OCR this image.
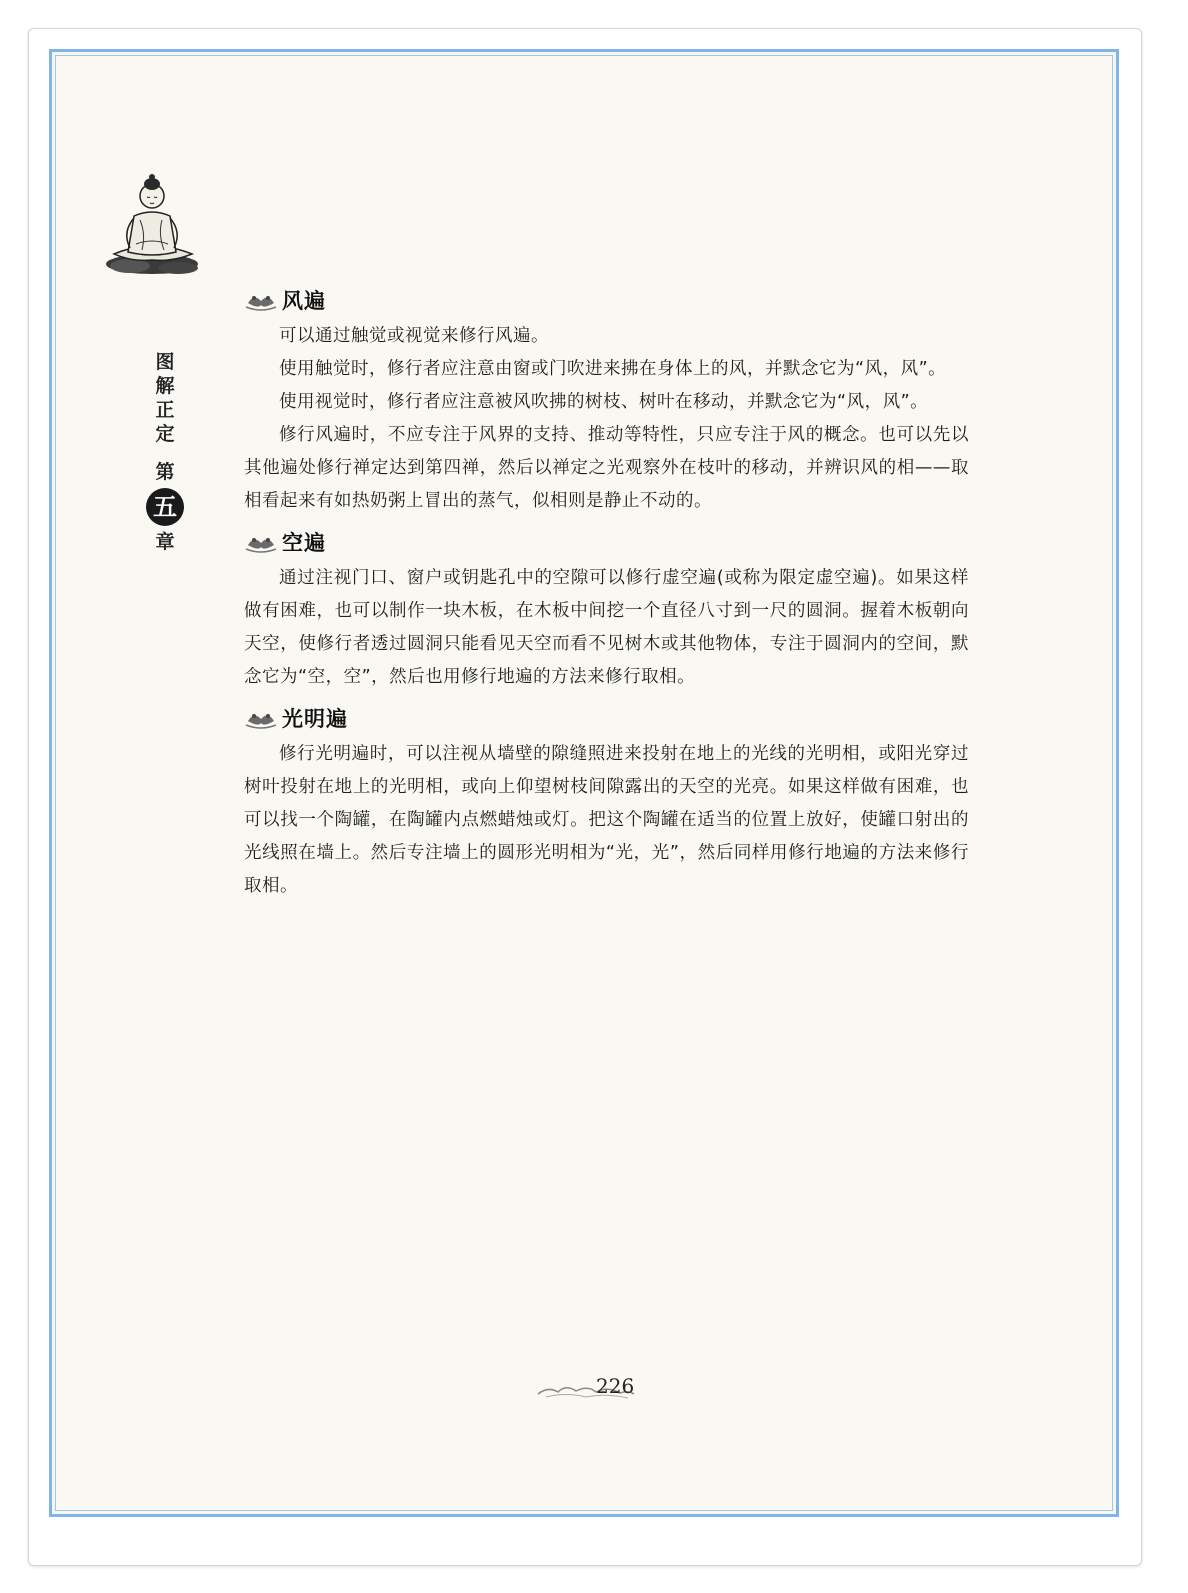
图
解
正
定
第
五
章
风遍

可以通过触觉或视觉来修行风遍。

使用触觉时，修行者应注意由窗或门吹进来拂在身体上的风，并默念它为“风，风”。

使用视觉时，修行者应注意被风吹拂的树枝、树叶在移动，并默念它为“风，风”。

修行风遍时，不应专注于风界的支持、推动等特性，只应专注于风的概念。也可以先以其他遍处修行禅定达到第四禅，然后以禅定之光观察外在枝叶的移动，并辨识风的相——取相看起来有如热奶粥上冒出的蒸气，似相则是静止不动的。

空遍

通过注视门口、窗户或钥匙孔中的空隙可以修行虚空遍(或称为限定虚空遍)。如果这样做有困难，也可以制作一块木板，在木板中间挖一个直径八寸到一尺的圆洞。握着木板朝向天空，使修行者透过圆洞只能看见天空而看不见树木或其他物体，专注于圆洞内的空间，默念它为“空，空”，然后也用修行地遍的方法来修行取相。

光明遍

修行光明遍时，可以注视从墙壁的隙缝照进来投射在地上的光线的光明相，或阳光穿过树叶投射在地上的光明相，或向上仰望树枝间隙露出的天空的光亮。如果这样做有困难，也可以找一个陶罐，在陶罐内点燃蜡烛或灯。把这个陶罐在适当的位置上放好，使罐口射出的光线照在墙上。然后专注墙上的圆形光明相为“光，光”，然后同样用修行地遍的方法来修行取相。

226
